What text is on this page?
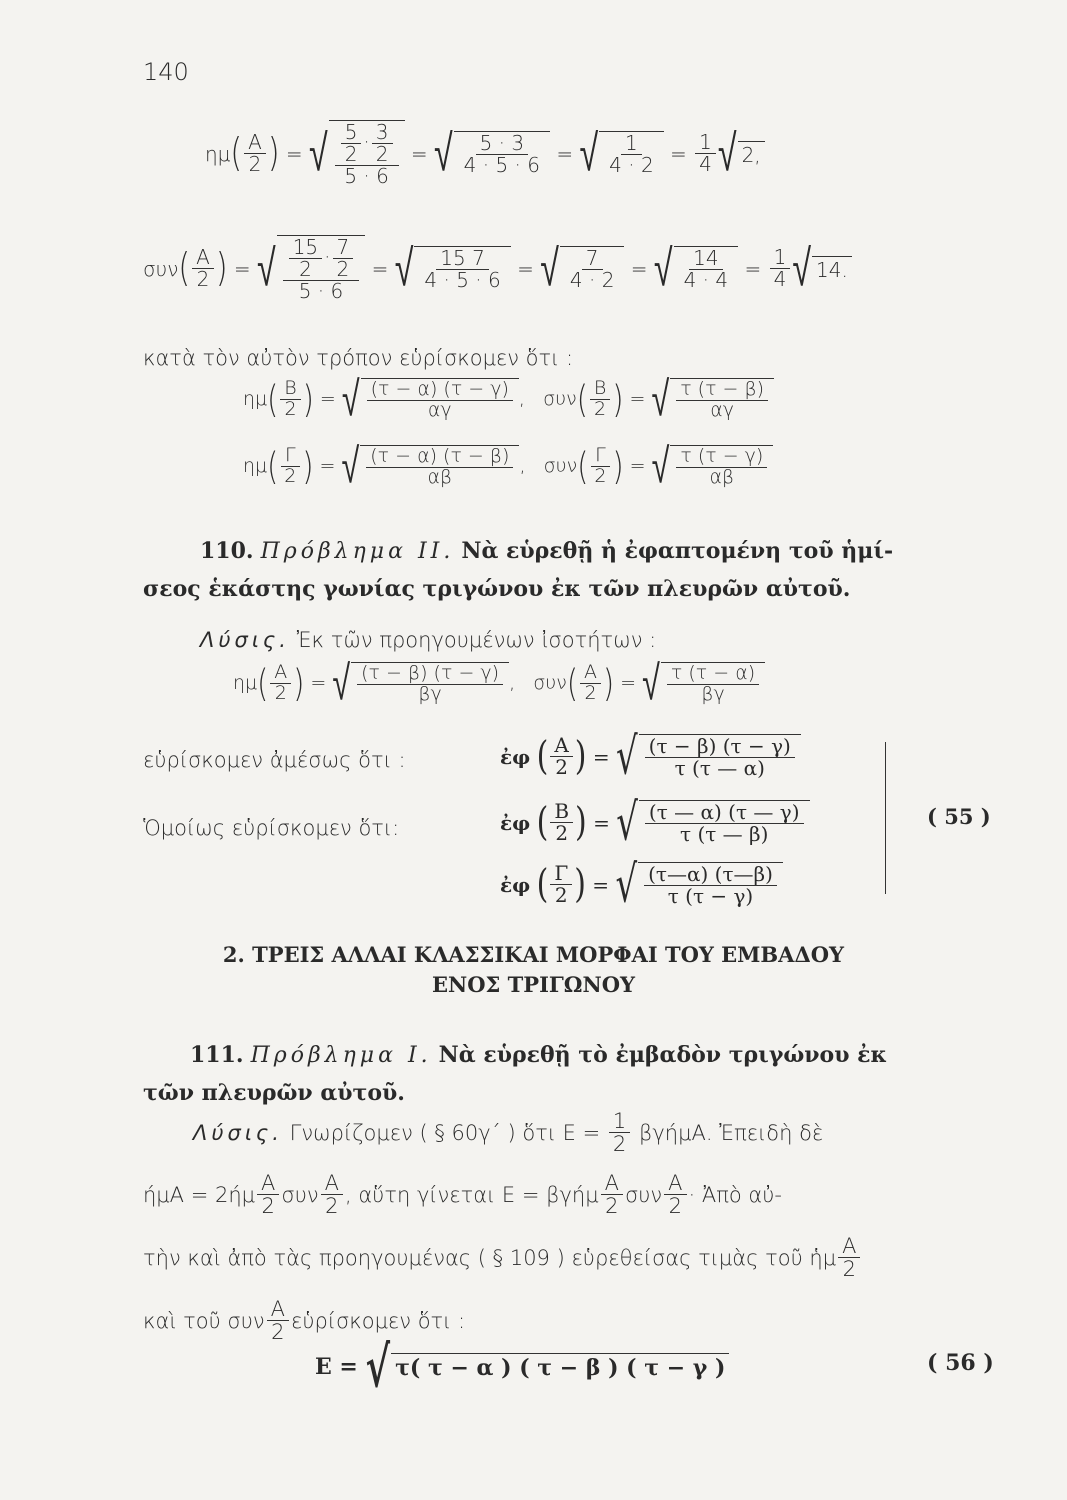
140
ημ ( $\frac{A}{2}$ ) = √ $\frac{\frac{5}{2} \cdot \frac{3}{2}}{5 \cdot 6}$ = √ $\frac{5 \cdot 3}{4 \cdot 5 \cdot 6}$ = √ $\frac{1}{4 \cdot 2} = \frac{1}{4}$ √ 2,
συν ( $\frac{A}{2}$ ) = √ $\frac{\frac{15}{2} \cdot \frac{7}{2}}{5 \cdot 6}$ = √ $\frac{15 7}{4 \cdot 5 \cdot 6}$ = √ $\frac{7}{4 \cdot 2}$ = √ $\frac{14}{4 \cdot 4} = \frac{1}{4}$ √ 14.
κατὰ τὸν αὐτὸν τρόπον εὑρίσκομεν ὅτι :
ημ ( $\frac{B}{2}$ ) = √ $\frac{(\tau - \alpha) (\tau - \gamma)}{\alpha\gamma}$ , συν ( $\frac{B}{2}$ ) = √ $\frac{\tau (\tau - \beta)}{\alpha\gamma}$
ημ ( $\frac{\Gamma}{2}$ ) = √ $\frac{(\tau - \alpha) (\tau - \beta)}{\alpha\beta}$ , συν ( $\frac{\Gamma}{2}$ ) = √ $\frac{\tau (\tau - \gamma)}{\alpha\beta}$
110. Πρόβλημα ΙΙ. Νὰ εὑρεθῇ ἡ ἐφαπτομένη τοῦ ἡμί-
σεος ἑκάστης γωνίας τριγώνου ἐκ τῶν πλευρῶν αὐτοῦ.
Λύσις. Ἐκ τῶν προηγουμένων ἰσοτήτων :
ημ ( $\frac{A}{2}$ ) = √ $\frac{(\tau - \beta) (\tau - \gamma)}{\beta\gamma}$ , συν ( $\frac{A}{2}$ ) = √ $\frac{\tau (\tau - \alpha)}{\beta\gamma}$
εὑρίσκομεν ἀμέσως ὅτι :
Ὁμοίως εὑρίσκομεν ὅτι:
ἐφ
( $\frac{A}{2}$ ) = √ $\frac{(\tau - \beta) (\tau - \gamma)}{\tau (\tau — \alpha)}$
ἐφ
( $\frac{B}{2}$ ) = √ $\frac{(\tau — \alpha) (\tau — \gamma)}{\tau (\tau — \beta)}$
ἐφ
( $\frac{\Gamma}{2}$ ) = √ $\frac{(\tau—\alpha) (\tau—\beta)}{\tau (\tau - \gamma)}$
( 55 )
2. ΤΡΕΙΣ ΑΛΛΑΙ ΚΛΑΣΣΙΚΑΙ ΜΟΡΦΑΙ ΤΟΥ ΕΜΒΑΔΟΥ
ΕΝΟΣ ΤΡΙΓΩΝΟΥ
111. Πρόβλημα Ι. Νὰ εὑρεθῇ τὸ ἐμβαδὸν τριγώνου ἐκ
τῶν πλευρῶν αὐτοῦ.
Λύσις.
Γνωρίζομεν ( § 60γ΄ ) ὅτι Ε =
$\frac{1}{2}$
βγήμΑ. Ἐπειδὴ δὲ
$ή\mu A = 2ή\mu \frac{A}{2}$ συν $\frac{A}{2}$ , αὕτη γίνεται Ε = βγήμ $\frac{A}{2}$ συν $\frac{A}{2}$ · Ἀπὸ αὐ-
τὴν καὶ ἀπὸ τὰς προηγουμένας ( § 109 ) εὑρεθείσας τιμὰς τοῦ ἡμ $\frac{A}{2}$
καὶ τοῦ συν $\frac{A}{2}$ εὑρίσκομεν ὅτι :
Ε =
√ τ( τ − α ) ( τ − β ) ( τ − γ )	( 56 )
